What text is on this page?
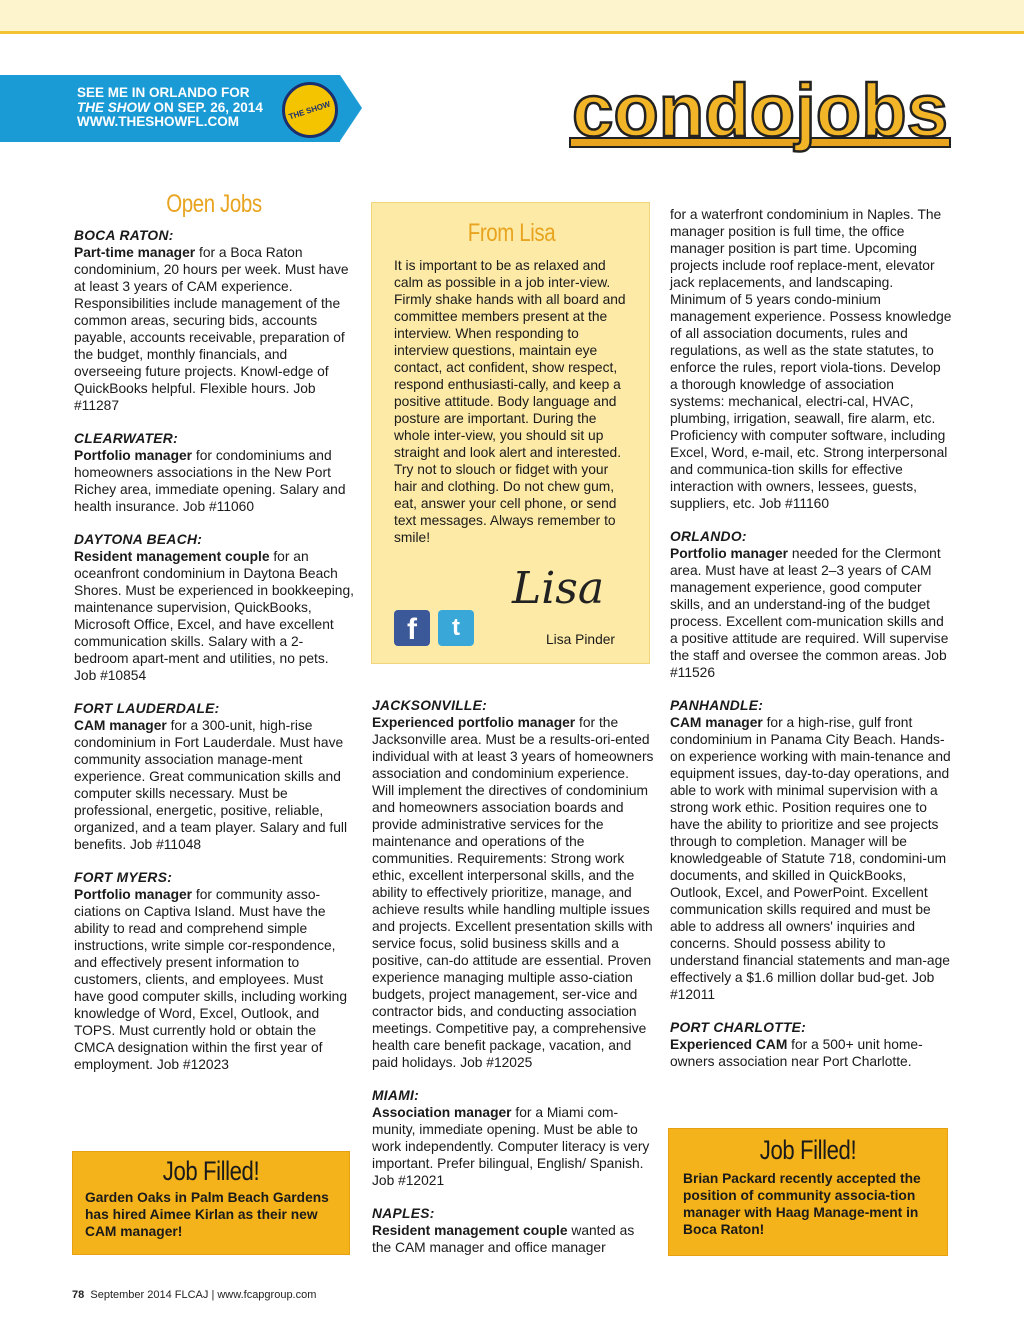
SEE ME IN ORLANDO FOR
THE SHOW ON SEP. 26, 2014
WWW.THESHOWFL.COM
THE SHOW	condojobs
Open Jobs

BOCA RATON:
Part-time manager for a Boca Raton condominium, 20 hours per week. Must have at least 3 years of CAM experience. Responsibilities include management of the common areas, securing bids, accounts payable, accounts receivable, preparation of the budget, monthly financials, and overseeing future projects. Knowl-edge of QuickBooks helpful. Flexible hours. Job #11287

CLEARWATER:
Portfolio manager for condominiums and homeowners associations in the New Port Richey area, immediate opening. Salary and health insurance. Job #11060

DAYTONA BEACH:
Resident management couple for an oceanfront condominium in Daytona Beach Shores. Must be experienced in bookkeeping, maintenance supervision, QuickBooks, Microsoft Office, Excel, and have excellent communication skills. Salary with a 2-bedroom apart-ment and utilities, no pets. Job #10854

FORT LAUDERDALE:
CAM manager for a 300-unit, high-rise condominium in Fort Lauderdale. Must have community association manage-ment experience. Great communication skills and computer skills necessary. Must be professional, energetic, positive, reliable, organized, and a team player. Salary and full benefits. Job #11048

FORT MYERS:
Portfolio manager for community asso-ciations on Captiva Island. Must have the ability to read and comprehend simple instructions, write simple cor-respondence, and effectively present information to customers, clients, and employees. Must have good computer skills, including working knowledge of Word, Excel, Outlook, and TOPS. Must currently hold or obtain the CMCA designation within the first year of employment. Job #12023

From Lisa
It is important to be as relaxed and calm as possible in a job inter-view. Firmly shake hands with all board and committee members present at the interview. When responding to interview questions, maintain eye contact, act confident, show respect, respond enthusiasti-cally, and keep a positive attitude. Body language and posture are important. During the whole inter-view, you should sit up straight and look alert and interested. Try not to slouch or fidget with your hair and clothing. Do not chew gum, eat, answer your cell phone, or send text messages. Always remember to smile!
f	t
Lisa
Lisa Pinder

JACKSONVILLE:
Experienced portfolio manager for the Jacksonville area. Must be a results-ori-ented individual with at least 3 years of homeowners association and condominium experience. Will implement the directives of condominium and homeowners association boards and provide administrative services for the maintenance and operations of the communities. Requirements: Strong work ethic, excellent interpersonal skills, and the ability to effectively prioritize, manage, and achieve results while handling multiple issues and projects. Excellent presentation skills with service focus, solid business skills and a positive, can-do attitude are essential. Proven experience managing multiple asso-ciation budgets, project management, ser-vice and contractor bids, and conducting association meetings. Competitive pay, a comprehensive health care benefit package, vacation, and paid holidays. Job #12025

MIAMI:
Association manager for a Miami com-munity, immediate opening. Must be able to work independently. Computer literacy is very important. Prefer bilingual, English/ Spanish. Job #12021

NAPLES:
Resident management couple wanted as the CAM manager and office manager

for a waterfront condominium in Naples. The manager position is full time, the office manager position is part time. Upcoming projects include roof replace-ment, elevator jack replacements, and landscaping. Minimum of 5 years condo-minium management experience. Possess knowledge of all association documents, rules and regulations, as well as the state statutes, to enforce the rules, report viola-tions. Develop a thorough knowledge of association systems: mechanical, electri-cal, HVAC, plumbing, irrigation, seawall, fire alarm, etc. Proficiency with computer software, including Excel, Word, e-mail, etc. Strong interpersonal and communica-tion skills for effective interaction with owners, lessees, guests, suppliers, etc. Job #11160

ORLANDO:
Portfolio manager needed for the Clermont area. Must have at least 2–3 years of CAM management experience, good computer skills, and an understand-ing of the budget process. Excellent com-munication skills and a positive attitude are required. Will supervise the staff and oversee the common areas. Job #11526

PANHANDLE:
CAM manager for a high-rise, gulf front condominium in Panama City Beach. Hands-on experience working with main-tenance and equipment issues, day-to-day operations, and able to work with minimal supervision with a strong work ethic. Position requires one to have the ability to prioritize and see projects through to completion. Manager will be knowledgeable of Statute 718, condomini-um documents, and skilled in QuickBooks, Outlook, Excel, and PowerPoint. Excellent communication skills required and must be able to address all owners' inquiries and concerns. Should possess ability to understand financial statements and man-age effectively a $1.6 million dollar bud-get. Job #12011

PORT CHARLOTTE:
Experienced CAM for a 500+ unit home-owners association near Port Charlotte.

Job Filled!
Garden Oaks in Palm Beach Gardens has hired Aimee Kirlan as their new CAM manager!
Job Filled!
Brian Packard recently accepted the position of community associa-tion manager with Haag Manage-ment in Boca Raton!
78 September 2014 FLCAJ | www.fcapgroup.com
